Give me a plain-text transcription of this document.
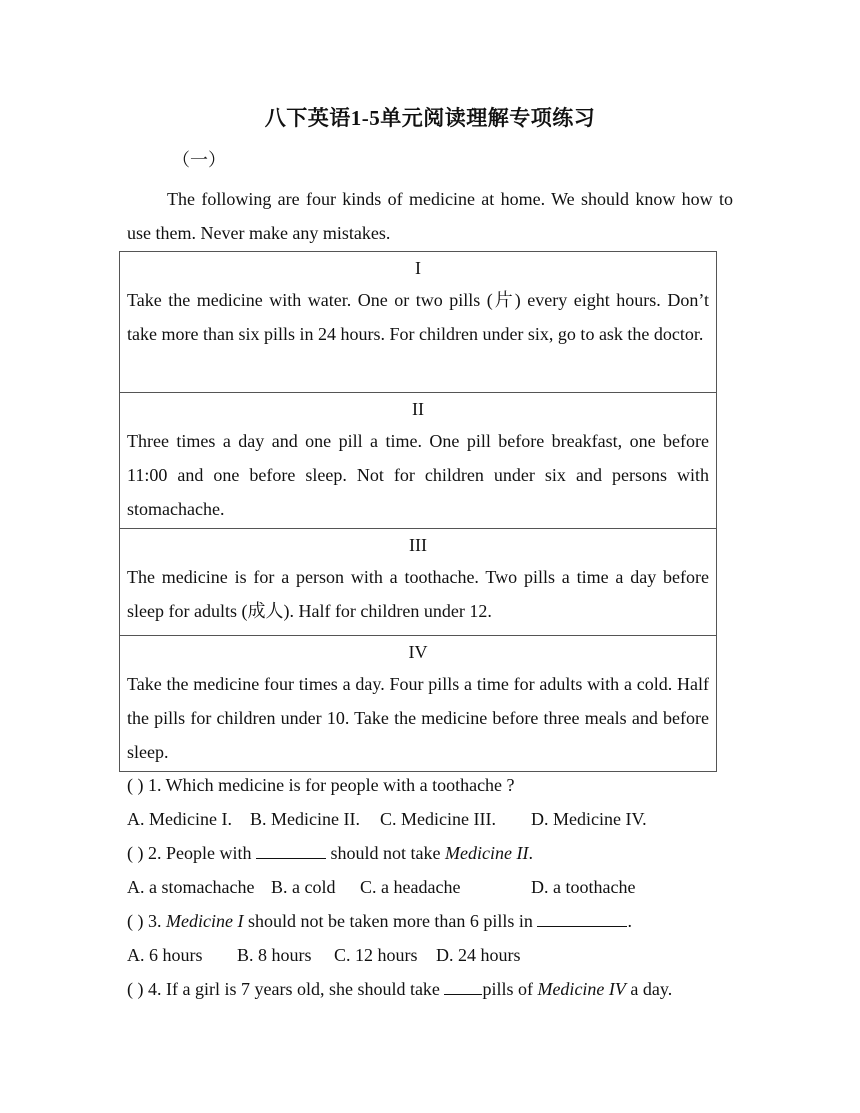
八下英语1-5单元阅读理解专项练习
（一）
The following are four kinds of medicine at home. We should know how to use them. Never make any mistakes.
I
Take the medicine with water. One or two pills (片) every eight hours. Don’t take more than six pills in 24 hours. For children under six, go to ask the doctor.
II
Three times a day and one pill a time. One pill before breakfast, one before 11:00 and one before sleep. Not for children under six and persons with stomachache.
III
The medicine is for a person with a toothache. Two pills a time a day before sleep for adults (成人). Half for children under 12.
IV
Take the medicine four times a day. Four pills a time for adults with a cold. Half the pills for children under 10. Take the medicine before three meals and before sleep.
( ) 1. Which medicine is for people with a toothache ?
A. Medicine I. B. Medicine II. C. Medicine III. D. Medicine IV.
( ) 2. People with	should not take Medicine II.
A. a stomachache B. a cold C. a headache	D. a toothache
( ) 3. Medicine I should not be taken more than 6 pills in	.
A. 6 hours B. 8 hours C. 12 hours D. 24 hours
( ) 4. If a girl is 7 years old, she should take pills of Medicine IV a day.
